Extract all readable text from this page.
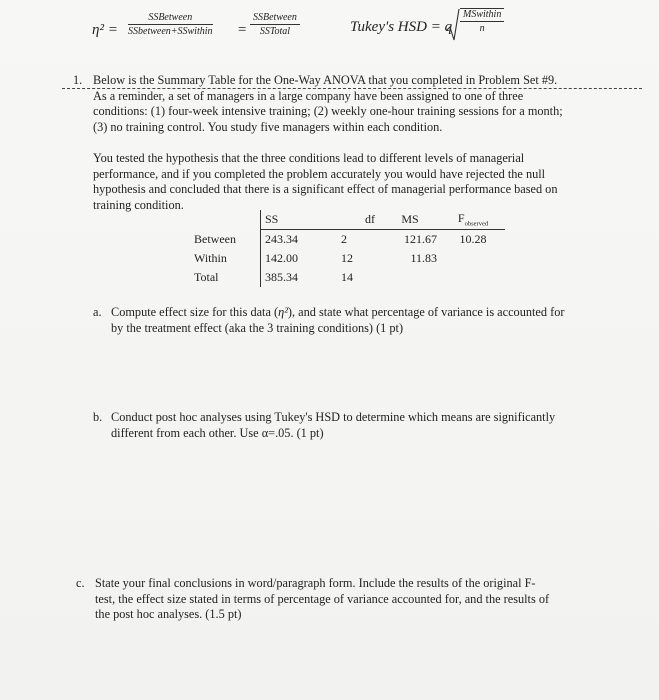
η² =
SSBetween
SSbetween+SSwithin =
SSBetween
SSTotal	Tukey's HSD = q
MSwithin
n
1. Below is the Summary Table for the One-Way ANOVA that you completed in Problem Set #9.
As a reminder, a set of managers in a large company have been assigned to one of three
conditions: (1) four-week intensive training; (2) weekly one-hour training sessions for a month;
(3) no training control. You study five managers within each condition.
You tested the hypothesis that the three conditions lead to different levels of managerial
performance, and if you completed the problem accurately you would have rejected the null
hypothesis and concluded that there is a significant effect of managerial performance based on
training condition.
	SS	df	MS	$F_{observed}$
Between	243.34	2	121.67	10.28
Within	142.00	12	11.83	
Total	385.34	14		
a. Compute effect size for this data (η²), and state what percentage of variance is accounted for
by the treatment effect (aka the 3 training conditions) (1 pt)
b. Conduct post hoc analyses using Tukey's HSD to determine which means are significantly
different from each other. Use α=.05. (1 pt)
c. State your final conclusions in word/paragraph form. Include the results of the original F-
test, the effect size stated in terms of percentage of variance accounted for, and the results of
the post hoc analyses. (1.5 pt)
